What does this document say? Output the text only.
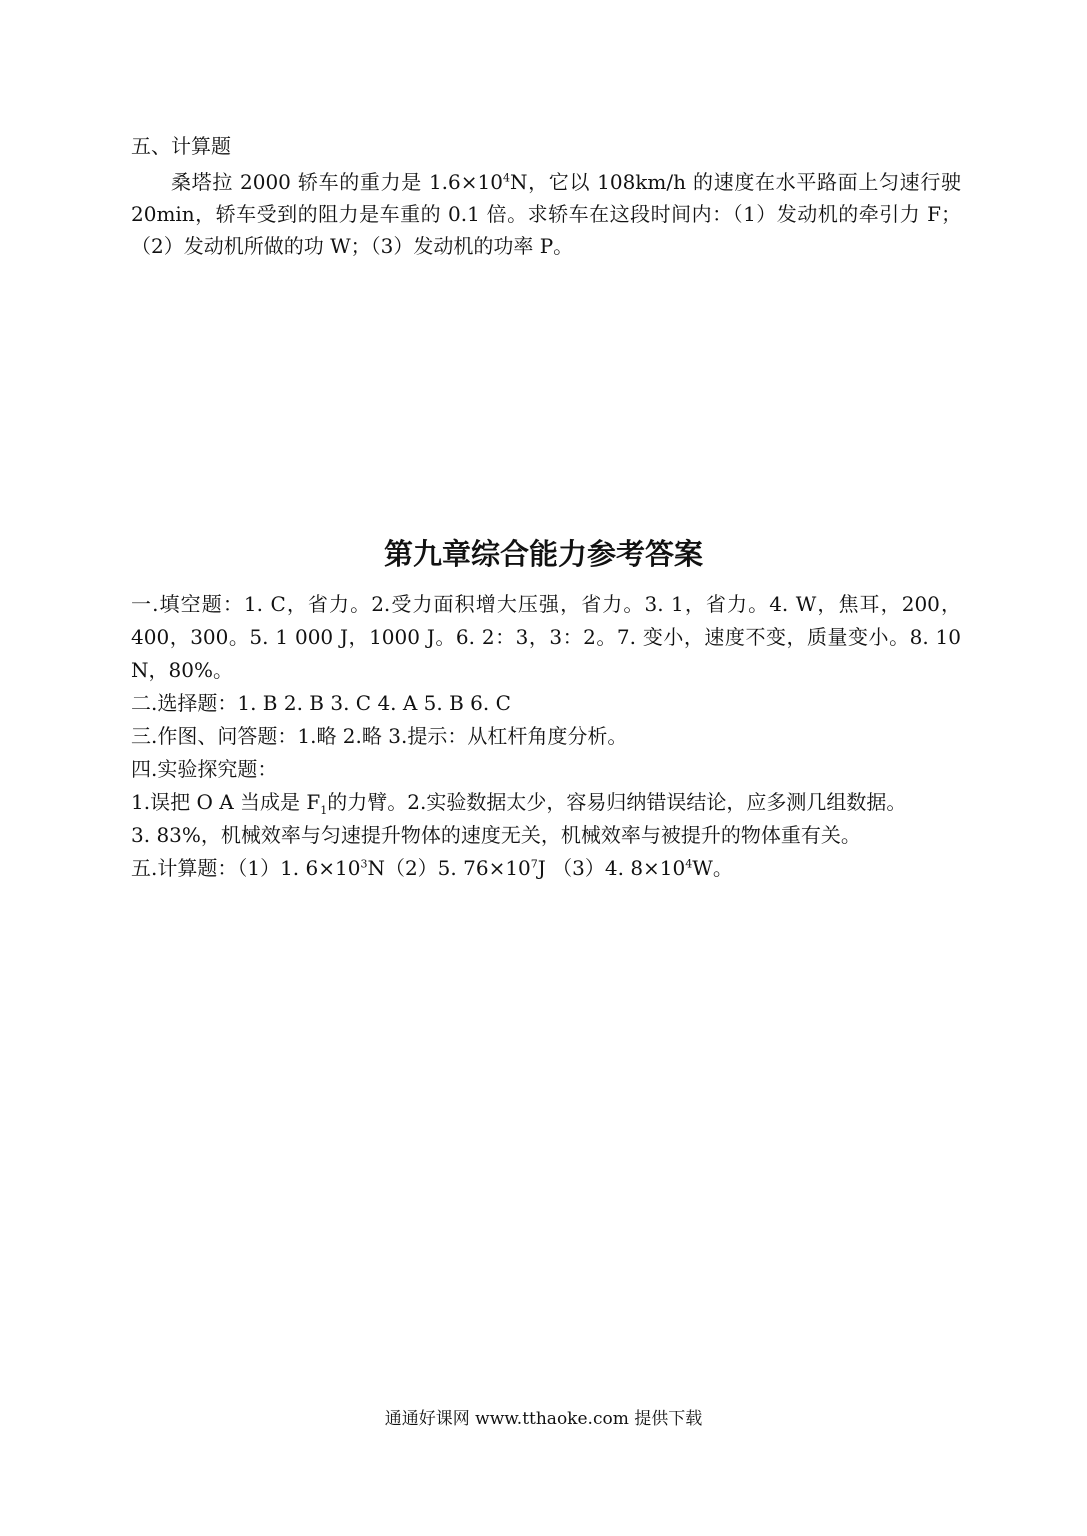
五、计算题
桑塔拉 2000 轿车的重力是 $1.6\times 10^4N$，它以 108km/h 的速度在水平路面上匀速行驶 20min，轿车受到的阻力是车重的 0.1 倍。求轿车在这段时间内：（1）发动机的牵引力 F；（2）发动机所做的功 W；（3）发动机的功率 P。
第九章综合能力参考答案

一.填空题：1. C，省力。2.受力面积增大压强，省力。3. 1，省力。4. W，焦耳，200，400，300。5. 1 000 J，1000 J。6. 2：3，3：2。7. 变小，速度不变，质量变小。8. 10 N，80%。

二.选择题：1. B 2. B 3. C 4. A 5. B 6. C

三.作图、问答题：1.略 2.略 3.提示：从杠杆角度分析。

四.实验探究题：

1.误把 O A 当成是 $F_1$的力臂。2.实验数据太少，容易归纳错误结论，应多测几组数据。

3. 83%，机械效率与匀速提升物体的速度无关，机械效率与被提升的物体重有关。

五.计算题：（1）1. $6\times 10^3N(2)5$. $76\times 10^7J$ （3）4. $8\times 10^4W$。

通通好课网 www.tthaoke.com 提供下载
